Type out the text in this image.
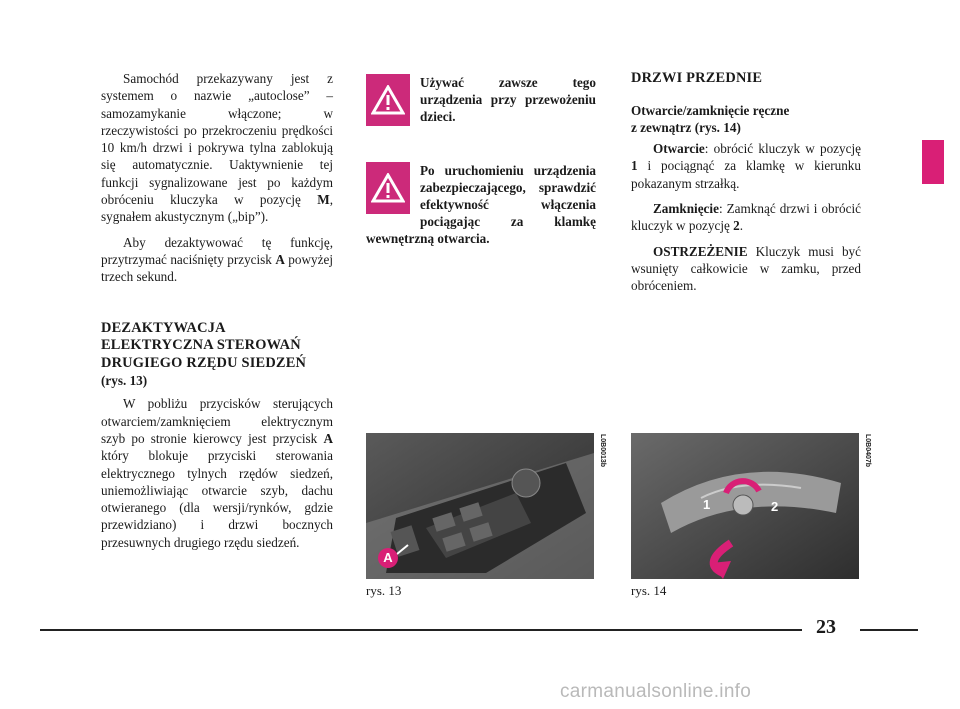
Samochód przekazywany jest z systemem o nazwie „autoclose” – samozamykanie włączone; w rzeczywistości po przekroczeniu prędkości 10 km/h drzwi i pokrywa tylna zablokują się automatycznie. Uaktywnienie tej funkcji sygnalizowane jest po każdym obróceniu kluczyka w pozycję M, sygnałem akustycznym („bip”).

Aby dezaktywować tę funkcję, przytrzymać naciśnięty przycisk A powyżej trzech sekund.

DEZAKTYWACJA
ELEKTRYCZNA STEROWAŃ
DRUGIEGO RZĘDU SIEDZEŃ
(rys. 13)

W pobliżu przycisków sterujących otwarciem/zamknięciem elektrycznym szyb po stronie kierowcy jest przycisk A który blokuje przyciski sterowania elektrycznego tylnych rzędów siedzeń, uniemożliwiając otwarcie szyb, dachu otwieranego (dla wersji/rynków, gdzie przewidziano) i drzwi bocznych przesuwnych drugiego rzędu siedzeń.

Używać zawsze tego urządzenia przy przewożeniu dzieci.
Po uruchomieniu urządzenia zabezpieczającego, sprawdzić efektywność włączenia pociągając za klamkę wewnętrzną otwarcia.
DRZWI PRZEDNIE
Otwarcie/zamknięcie ręczne
z zewnątrz (rys. 14)

Otwarcie: obrócić kluczyk w pozycję 1 i pociągnąć za klamkę w kierunku pokazanym strzałką.

Zamknięcie: Zamknąć drzwi i obrócić kluczyk w pozycję 2.

OSTRZEŻENIE Kluczyk musi być wsunięty całkowicie w zamku, przed obróceniem.

A
L0B0013b
rys. 13
1	2
L0B0407b
rys. 14
23
carmanualsonline.info
